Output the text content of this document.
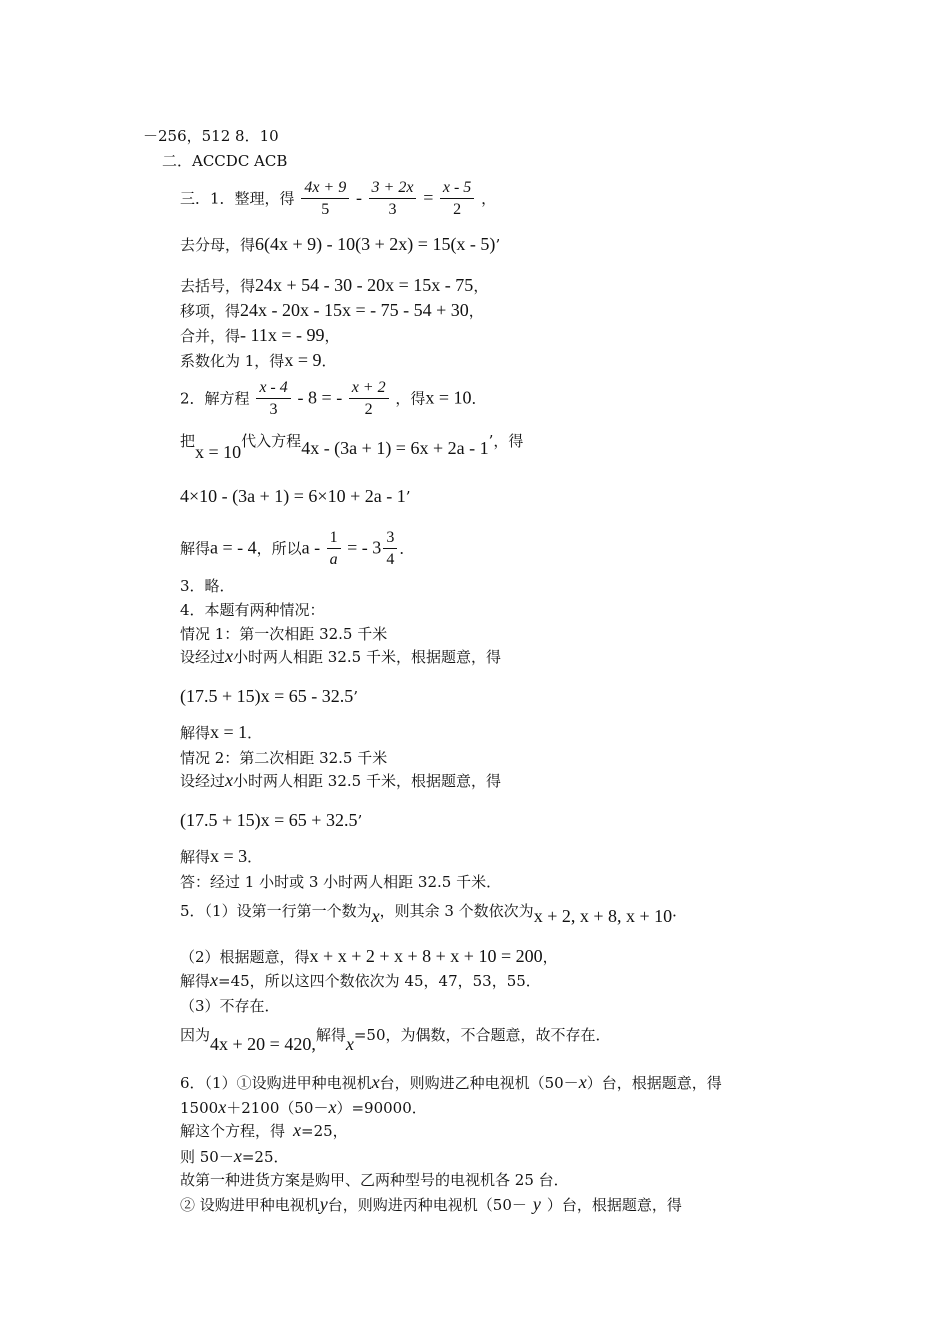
－256，512 8．10
二．ACCDC ACB
三．1．整理，得 $\frac{4x + 9}{5} - \frac{3 + 2x}{3} = \frac{x - 5}{2}$ ，
去分母，得6(4x + 9) - 10(3 + 2x) = 15(x - 5)’
去括号，得24x + 54 - 30 - 20x = 15x - 75，
移项，得24x - 20x - 15x = - 75 - 54 + 30，
合并，得- 11x = - 99，
系数化为 1，得x = 9．
2．解方程 $\frac{x - 4}{3} - 8$ = - $\frac{x + 2}{2}$ ，得x = 10．
把x = 10代入方程4x - (3a + 1) = 6x + 2a - 1’，得
4×10 - (3a + 1) = 6×10 + 2a - 1’
解得a = - 4，所以a - $\frac{1}{a}$ = - $3 \frac{3}{4}$ ．
3．略．
4．本题有两种情况：
情况 1：第一次相距 32.5 千米
设经过x小时两人相距 32.5 千米，根据题意，得
(17.5 + 15)x = 65 - 32.5’
解得x = 1．
情况 2：第二次相距 32.5 千米
设经过x小时两人相距 32.5 千米，根据题意，得
(17.5 + 15)x = 65 + 32.5’
解得x = 3．
答：经过 1 小时或 3 小时两人相距 32.5 千米．
5．（1）设第一行第一个数为x，则其余 3 个数依次为x + 2, x + 8, x + 10．
（2）根据题意，得x + x + 2 + x + 8 + x + 10 = 200，
解得x=45，所以这四个数依次为 45，47，53，55．
（3）不存在．
因为4x + 20 = 420,解得x=50，为偶数，不合题意，故不存在．
6．（1）①设购进甲种电视机x台，则购进乙种电视机（50－x）台，根据题意，得
1500x＋2100（50－x）=90000．
解这个方程，得 x=25，
则 50－x=25．
故第一种进货方案是购甲、乙两种型号的电视机各 25 台．
② 设购进甲种电视机y台，则购进丙种电视机（50－ y ）台，根据题意，得
